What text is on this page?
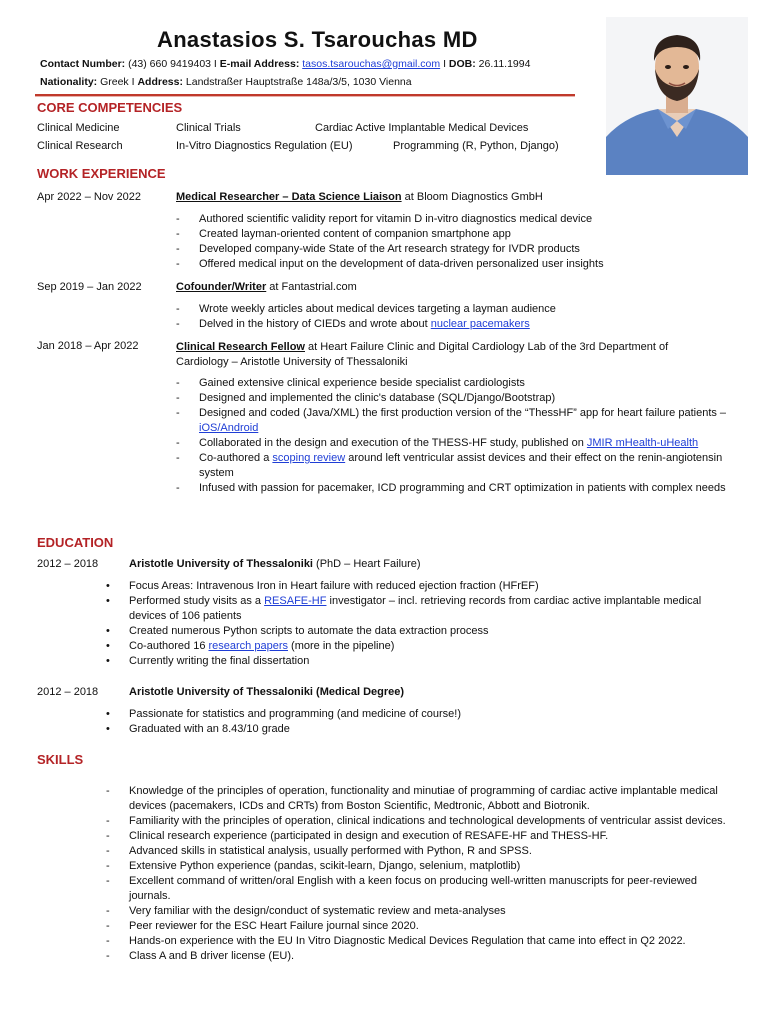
Anastasios S. Tsarouchas MD
Contact Number: (43) 660 9419403 I E-mail Address: tasos.tsarouchas@gmail.com I DOB: 26.11.1994
Nationality: Greek I Address: Landstraßer Hauptstraße 148a/3/5, 1030 Vienna
CORE COMPETENCIES
Clinical Medicine	Clinical Trials	Cardiac Active Implantable Medical Devices
Clinical Research	In-Vitro Diagnostics Regulation (EU)	Programming (R, Python, Django)
WORK EXPERIENCE
Apr 2022 – Nov 2022	Medical Researcher – Data Science Liaison at Bloom Diagnostics GmbH
- Authored scientific validity report for vitamin D in-vitro diagnostics medical device
- Created layman-oriented content of companion smartphone app
- Developed company-wide State of the Art research strategy for IVDR products
- Offered medical input on the development of data-driven personalized user insights
Sep 2019 – Jan 2022	Cofounder/Writer at Fantastrial.com
- Wrote weekly articles about medical devices targeting a layman audience
- Delved in the history of CIEDs and wrote about nuclear pacemakers
Jan 2018 – Apr 2022	Clinical Research Fellow at Heart Failure Clinic and Digital Cardiology Lab of the 3rd Department of Cardiology – Aristotle University of Thessaloniki
- Gained extensive clinical experience beside specialist cardiologists
- Designed and implemented the clinic's database (SQL/Django/Bootstrap)
- Designed and coded (Java/XML) the first production version of the “ThessHF” app for heart failure patients – iOS/Android
- Collaborated in the design and execution of the THESS-HF study, published on JMIR mHealth-uHealth
- Co-authored a scoping review around left ventricular assist devices and their effect on the renin-angiotensin system
- Infused with passion for pacemaker, ICD programming and CRT optimization in patients with complex needs
EDUCATION
2012 – 2018	Aristotle University of Thessaloniki (PhD – Heart Failure)
• Focus Areas: Intravenous Iron in Heart failure with reduced ejection fraction (HFrEF)
• Performed study visits as a RESAFE-HF investigator – incl. retrieving records from cardiac active implantable medical devices of 106 patients
• Created numerous Python scripts to automate the data extraction process
• Co-authored 16 research papers (more in the pipeline)
• Currently writing the final dissertation
2012 – 2018	Aristotle University of Thessaloniki (Medical Degree)
• Passionate for statistics and programming (and medicine of course!)
• Graduated with an 8.43/10 grade
SKILLS
- Knowledge of the principles of operation, functionality and minutiae of programming of cardiac active implantable medical devices (pacemakers, ICDs and CRTs) from Boston Scientific, Medtronic, Abbott and Biotronik.
- Familiarity with the principles of operation, clinical indications and technological developments of ventricular assist devices.
- Clinical research experience (participated in design and execution of RESAFE-HF and THESS-HF.
- Advanced skills in statistical analysis, usually performed with Python, R and SPSS.
- Extensive Python experience (pandas, scikit-learn, Django, selenium, matplotlib)
- Excellent command of written/oral English with a keen focus on producing well-written manuscripts for peer-reviewed journals.
- Very familiar with the design/conduct of systematic review and meta-analyses
- Peer reviewer for the ESC Heart Failure journal since 2020.
- Hands-on experience with the EU In Vitro Diagnostic Medical Devices Regulation that came into effect in Q2 2022.
- Class A and B driver license (EU).
